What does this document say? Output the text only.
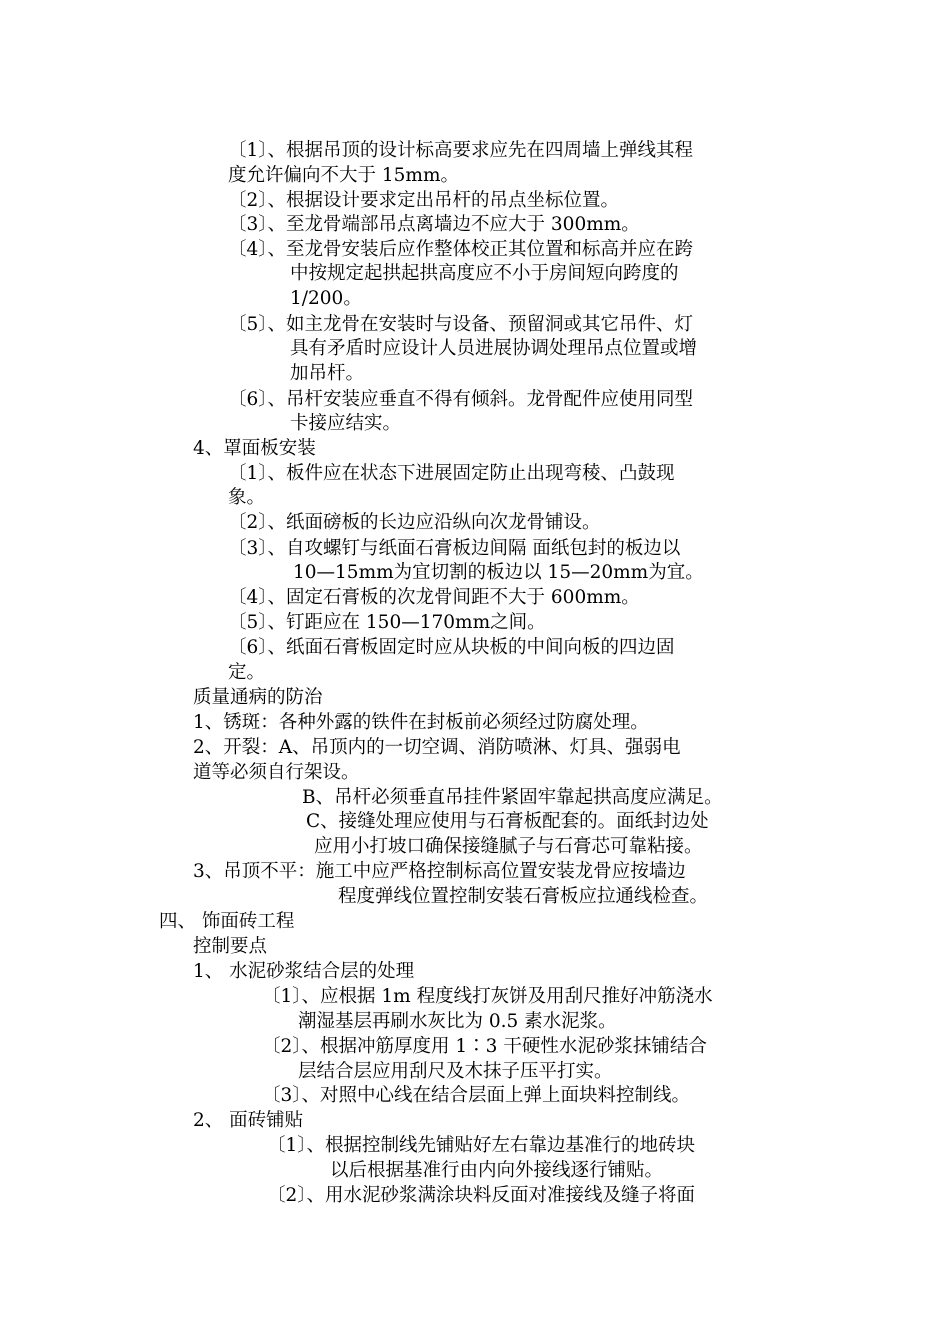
〔1〕、根据吊顶的设计标高要求应先在四周墙上弹线其程
度允许偏向不大于 15mm。
〔2〕、根据设计要求定出吊杆的吊点坐标位置。
〔3〕、至龙骨端部吊点离墙边不应大于 300mm。
〔4〕、至龙骨安装后应作整体校正其位置和标高并应在跨
中按规定起拱起拱高度应不小于房间短向跨度的
1/200。
〔5〕、如主龙骨在安装时与设备、预留洞或其它吊件、灯
具有矛盾时应设计人员进展协调处理吊点位置或增
加吊杆。
〔6〕、吊杆安装应垂直不得有倾斜。龙骨配件应使用同型
卡接应结实。
4、罩面板安装
〔1〕、板件应在状态下进展固定防止出现弯稜、凸鼓现
象。
〔2〕、纸面磅板的长边应沿纵向次龙骨铺设。
〔3〕、自攻螺钉与纸面石膏板边间隔 面纸包封的板边以
10—15mm为宜切割的板边以 15—20mm为宜。
〔4〕、固定石膏板的次龙骨间距不大于 600mm。
〔5〕、钉距应在 150—170mm之间。
〔6〕、纸面石膏板固定时应从块板的中间向板的四边固
定。
质量通病的防治
1、锈斑：各种外露的铁件在封板前必须经过防腐处理。
2、开裂：A、吊顶内的一切空调、消防喷淋、灯具、强弱电
道等必须自行架设。
B、吊杆必须垂直吊挂件紧固牢靠起拱高度应满足。
C、接缝处理应使用与石膏板配套的。面纸封边处
应用小打坡口确保接缝腻子与石膏芯可靠粘接。
3、吊顶不平：施工中应严格控制标高位置安装龙骨应按墙边
程度弹线位置控制安装石膏板应拉通线检查。
四、 饰面砖工程
控制要点
1、 水泥砂浆结合层的处理
〔1〕、应根据 1m 程度线打灰饼及用刮尺推好冲筋浇水
潮湿基层再刷水灰比为 0.5 素水泥浆。
〔2〕、根据冲筋厚度用 1∶3 干硬性水泥砂浆抹铺结合
层结合层应用刮尺及木抹子压平打实。
〔3〕、对照中心线在结合层面上弹上面块料控制线。
2、 面砖铺贴
〔1〕、根据控制线先铺贴好左右靠边基准行的地砖块
以后根据基准行由内向外接线逐行铺贴。
〔2〕、用水泥砂浆满涂块料反面对准接线及缝子将面
